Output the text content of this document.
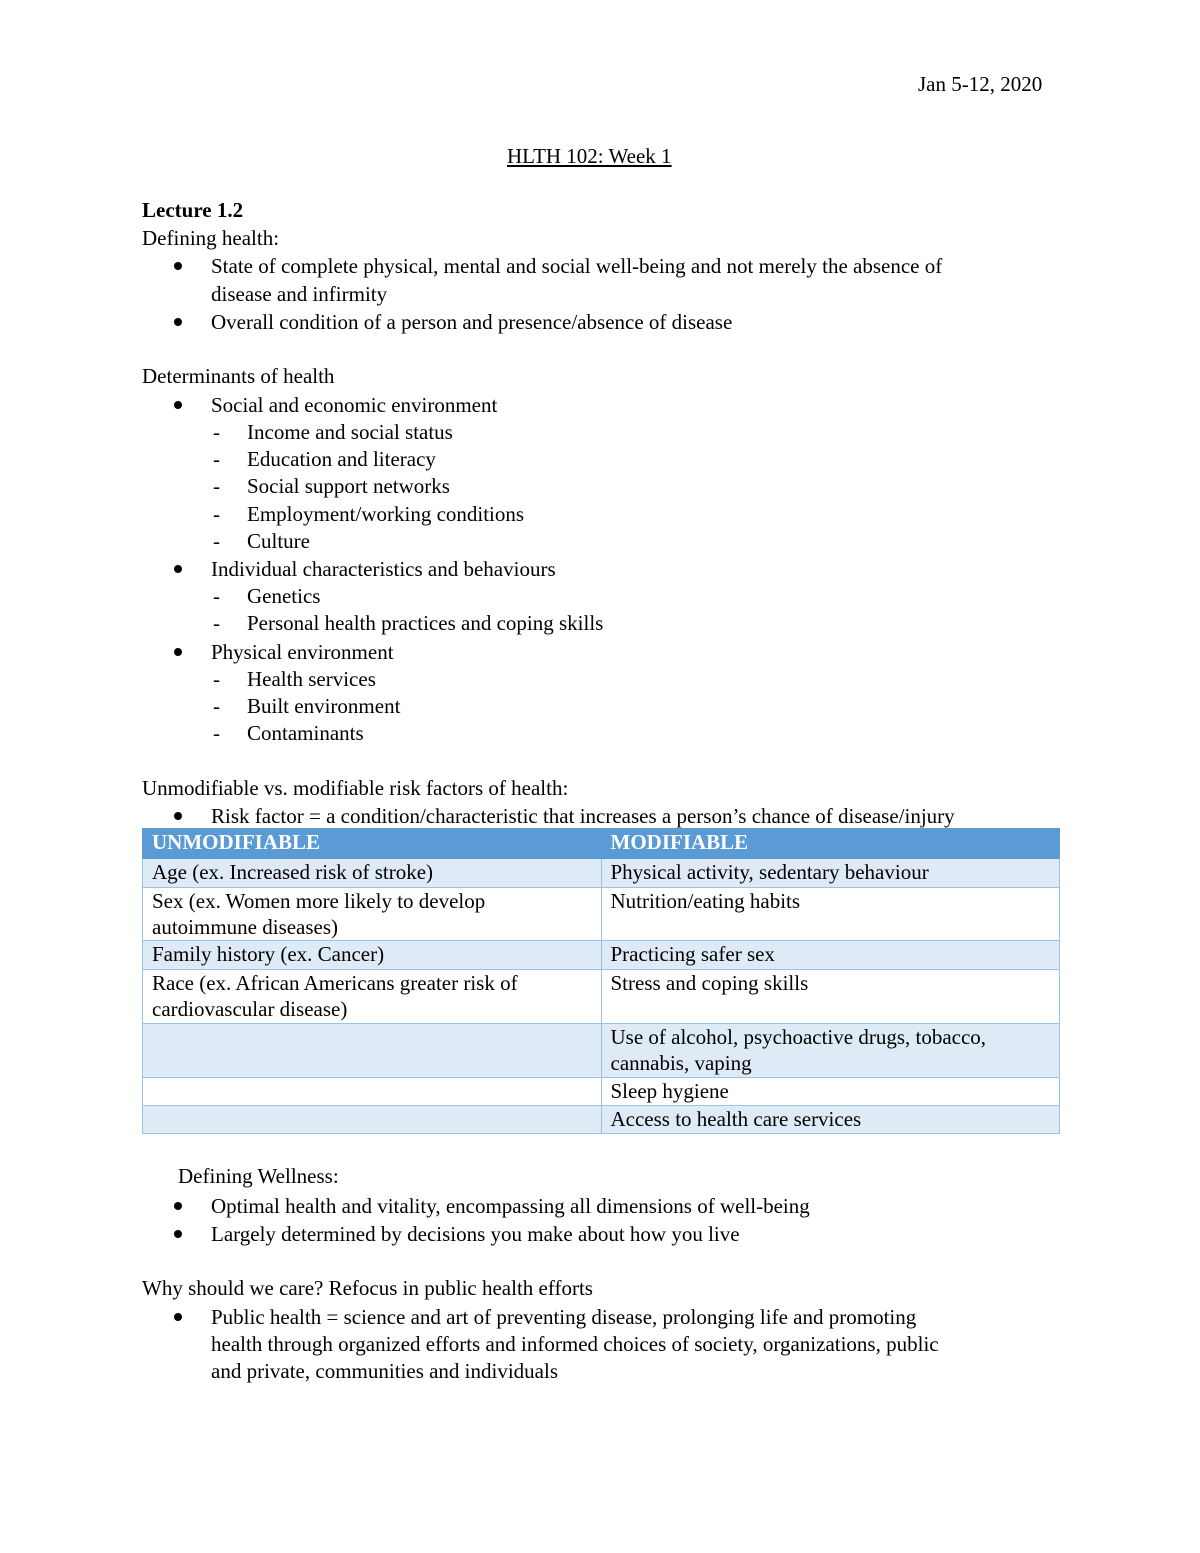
Jan 5-12, 2020
HLTH 102: Week 1
Lecture 1.2
Defining health:
State of complete physical, mental and social well-being and not merely the absence of
disease and infirmity
Overall condition of a person and presence/absence of disease
Determinants of health
Social and economic environment
- Income and social status
- Education and literacy
- Social support networks
- Employment/working conditions
- Culture
Individual characteristics and behaviours
- Genetics
- Personal health practices and coping skills
Physical environment
- Health services
- Built environment
- Contaminants
Unmodifiable vs. modifiable risk factors of health:
Risk factor = a condition/characteristic that increases a person’s chance of disease/injury
UNMODIFIABLE	MODIFIABLE

Age (ex. Increased risk of stroke)	Physical activity, sedentary behaviour

Sex (ex. Women more likely to develop
autoimmune diseases)	Nutrition/eating habits

Family history (ex. Cancer)	Practicing safer sex

Race (ex. African Americans greater risk of
cardiovascular disease)	Stress and coping skills

	Use of alcohol, psychoactive drugs, tobacco,
cannabis, vaping

	Sleep hygiene

	Access to health care services
Defining Wellness:
Optimal health and vitality, encompassing all dimensions of well-being
Largely determined by decisions you make about how you live
Why should we care? Refocus in public health efforts
Public health = science and art of preventing disease, prolonging life and promoting
health through organized efforts and informed choices of society, organizations, public
and private, communities and individuals
